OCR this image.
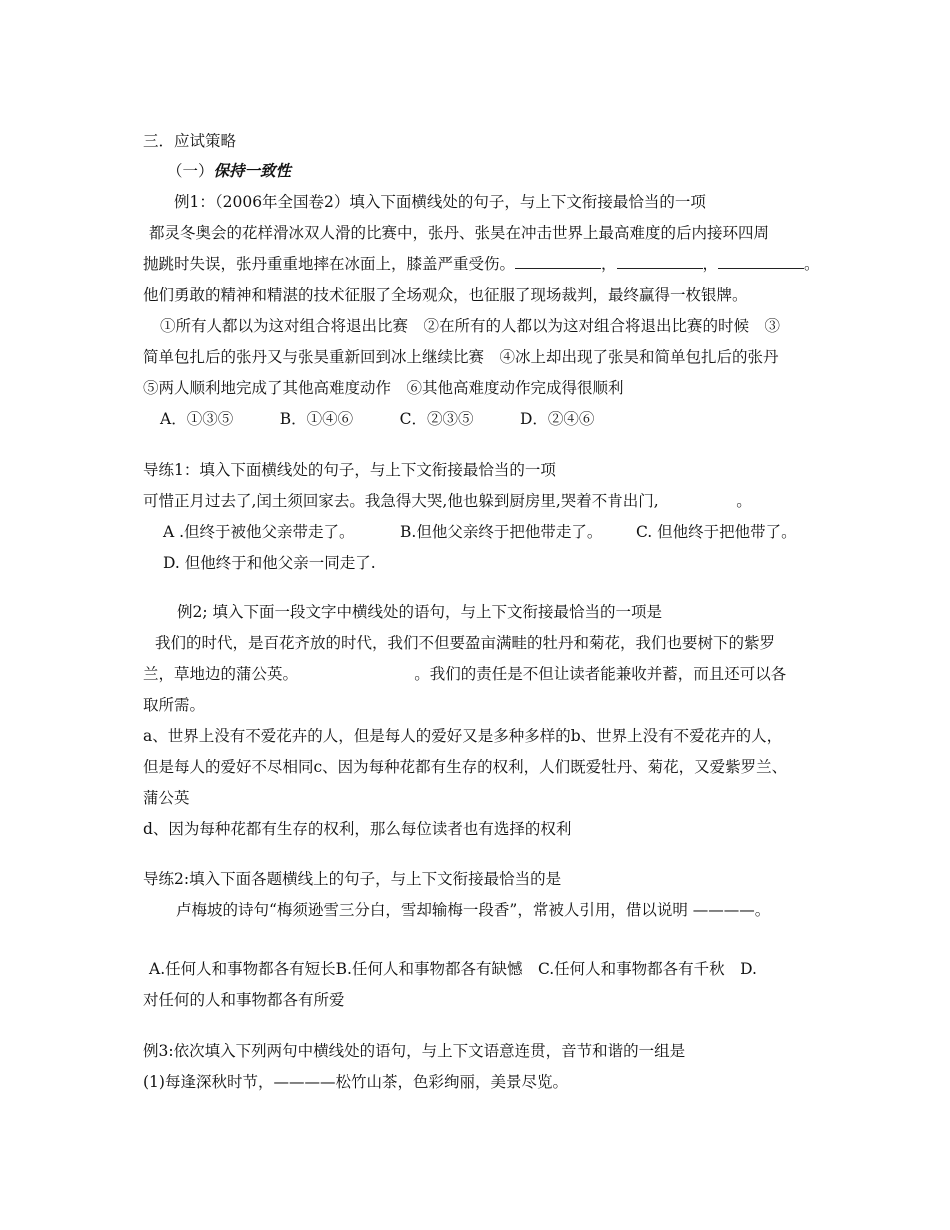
三．应试策略
（一）保持一致性
例1：（2006年全国卷2）填入下面横线处的句子，与上下文衔接最恰当的一项
都灵冬奥会的花样滑冰双人滑的比赛中，张丹、张昊在冲击世界上最高难度的后内接环四周
抛跳时失误，张丹重重地摔在冰面上，膝盖严重受伤。	，	，	。
他们勇敢的精神和精湛的技术征服了全场观众，也征服了现场裁判，最终赢得一枚银牌。
①所有人都以为这对组合将退出比赛　②在所有的人都以为这对组合将退出比赛的时候　③
简单包扎后的张丹又与张昊重新回到冰上继续比赛　④冰上却出现了张昊和简单包扎后的张丹
⑤两人顺利地完成了其他高难度动作　⑥其他高难度动作完成得很顺利
A．①③⑤　　　B．①④⑥　　　C．②③⑤　　　D．②④⑥
导练1：填入下面横线处的句子，与上下文衔接最恰当的一项
可惜正月过去了,闰土须回家去。我急得大哭,他也躲到厨房里,哭着不肯出门,　　　　　。
A .但终于被他父亲带走了。	B.但他父亲终于把他带走了。 C. 但他终于把他带了。
D. 但他终于和他父亲一同走了.
例2; 填入下面一段文字中横线处的语句，与上下文衔接最恰当的一项是
我们的时代，是百花齐放的时代，我们不但要盈亩满畦的牡丹和菊花，我们也要树下的紫罗
兰，草地边的蒲公英。　　　　　　　　。我们的责任是不但让读者能兼收并蓄，而且还可以各
取所需。
a、世界上没有不爱花卉的人，但是每人的爱好又是多种多样的b、世界上没有不爱花卉的人，
但是每人的爱好不尽相同c、因为每种花都有生存的权利，人们既爱牡丹、菊花，又爱紫罗兰、
蒲公英
d、因为每种花都有生存的权利，那么每位读者也有选择的权利
导练2:填入下面各题横线上的句子，与上下文衔接最恰当的是
卢梅坡的诗句“梅须逊雪三分白，雪却输梅一段香”，常被人引用，借以说明 ————。
A.任何人和事物都各有短长B.任何人和事物都各有缺憾　C.任何人和事物都各有千秋　D.
对任何的人和事物都各有所爱
例3:依次填入下列两句中横线处的语句，与上下文语意连贯，音节和谐的一组是
(1)每逢深秋时节，————松竹山茶，色彩绚丽，美景尽览。
